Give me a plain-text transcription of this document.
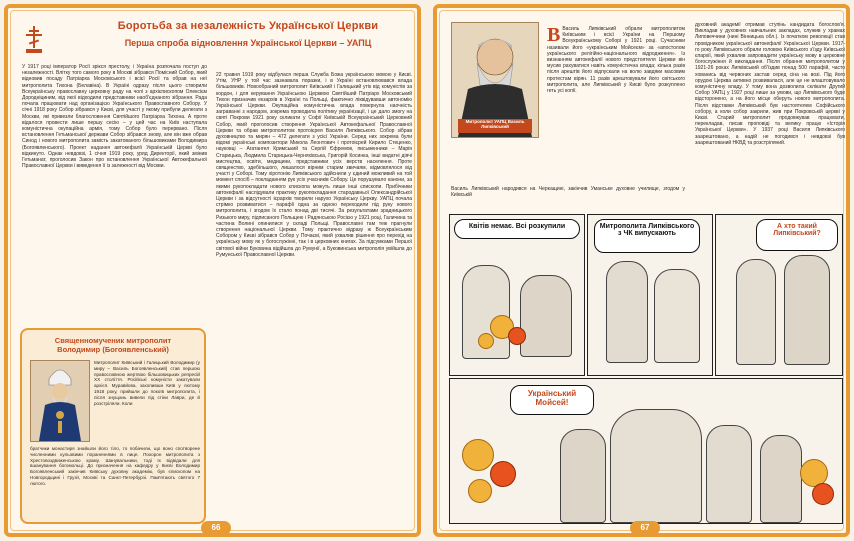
Боротьба за незалежність Української Церкви
Перша спроба відновлення Української Церкви – УАПЦ
У 1917 році імператор Росії зрікся престолу, і Україна розпочала поступ до незалежності. Влітку того самого року в Москві зібрався Помісний Собор, який відновив посаду Патріарха Московського і всієї Росії та обрав на неї митрополита Тихона (Белавіна). В Україні одразу після цього створили Всеукраїнську православну церковну раду на чолі з архієпископом Олексієм Дородніциним, від якої відходили представники наоб'єднаного зібрання. Рада почала працювати над організацією Українського Православного Собору. У січні 1918 року Собор зібрався у Києві, для участі у якому прибули делегати з Москви, які привезли благословення Святійшого Патріарха Тихона. А проте відалося провести лише першу сесію – у цей час на Київ наступала комуністична окупаційна армія, тому Собор було перервано. Після встановлення Гетьманської держави Собор зібрався знову, але він вже обрав Синод і нового митрополита замість закатованого більшовиками Володимира (Богоявленського). Проект надання автокефалії Українській Церкві було відкинуто. Однак невдовзі, 1 січня 1919 року, уряд Директорії, який змінив Гетьманат, проголосив Закон про встановлення Української Автокефальної Православної Церкви і виведення її із залежності від Москви.
22 травня 1919 року відбулася перша Служба Божа українською мовою у Києві. Утім, УНР у той час зазнавала поразки, і в Україні встановлювався влада більшовиків. Новообраний митрополит Київський і Галицький утік від комуністів за кордон, і для керування Українською Церквою Святійший Патріарх Московський Тихон призначив екзархів в Україні та Польщі, фактично ліквідувавши автономію Української Церкви. Окупаційна комуністична влада повернула наочність заграванні з народом, зокрема проводила політику українізації, і це дало змогу на святі Покрови 1921 року скликати у Софії Київській Всеукраїнський Церковний Собор, який проголосив створення Української Автокефальної Православної Церкви та обрав митрополитом протоієрея Василя Липківського. Собор зібрав духовництво та мирян – 472 делегати з усієї України. Серед них зокрема були відомі українські композитори Микола Леонтович і протоієрей Кирило Стеценко, науковці – Агатангел Кримський та Сергій Єфремов, письменники – Марія Старицька, Людмила Старицька-Черняхівська, Григорій Косинка, інші видатні діячі мистецтва, освіти, медицини, представники усіх верств населення. Проте священство, здебільшого, лишалося вірним старим звичаям, відмовлялося від участі у Соборі. Тому хіротонію Липківського здійснили у єдиний можливий на той момент спосіб – покладанням рук усіх учасників Собору. Це порушувало канони, за якими рукопокладати нового єпископа можуть лише інші єпископи. Прибічники автокефалії наслідували практику рукопокладання стародавньої Олександрійської Церкви і за відсутності ієрархів творили нарухо Українську Церкву. УАПЦ почала стрімко розвиватися – парафії одна за одною переходили під руку нового митрополита, і згодом їх стало понад дві тисячі. За результатами зрадницького Ризького миру, підписаного Польщею і Радянською Росією у 1921 році, Галичина та частина Волині опинилися у складі Польщі. Православні там теж прагнули створення національної Церкви. Тому практично відразу ж Всеукраїнським Собором у Києві зібрався Собор у Почаєві, який ухвалив рішення про перехід на українську мову як у богослужінні, так і в церковних книгах. За підсумками Першої світової війни Буковина відійшла до Румунії, а Буковинська митрополія увійшла до Румунської Православної Церкви.
Священномученик митрополит Володимир (Богоявленський)
Митрополит Київський і Галицький Володимир (у миру – Василь Богоявленський) став першою православною жертвою більшовицьких репресій XX століття. Російські комуністи закатували архієп. Муравйова, захопивши Київ у лютому 1918 року, прийшли до покоїв митрополита, і після знущань вивели під стіни Лаври, де й розстріляли. Коли
братчики монастиря знайшли його тіло, то побачили, що воно спотворене численними кульовими пораненнями в лице. Похорон митрополита з Хрестовоздвиженською храму. Шанувальники, тоді їх відвідали для вшанування богомольці. До призначення на кафедру у Києві Володимир Богоявленський закінчив Київську духовну академію, був єпископом на Новгородщині і Грузії, Москві та Санкт-Петербурзі. Пам'ятають святого 7 лютого.
66
Митрополит УАПЦ Василь Липківський
В Василь Липківський обрали митрополитом Київським і всієї України на Першому Всеукраїнському Соборі у 1921 році. Сучасники називали його «українським Мойсеєм» за «апостолом українського релігійно-національного відродження». Із визнанням автокефалії нового предстоятеля Церкви він мусив рахуватися навіть комуністична влада; кілька разів після арештів його відпускали на волю завдяки масовим протестам вірян. 11 разів арештовували його світського митрополита, але Липківський у Києві було розкуплено геть усі копії.
духовний академії отримав ступінь кандидата богослов'я. Викладав у духовних навчальних закладах, служив у храмах Липовеччини (нині Вінницька обл.). Із початком революції став провідником української автокефалії Української Церкви. 1917-го року Липківського обрали головою Київського з'їзду Київської єпархії, який ухвалив запровадити українську мову в церковне богослужіння й викладання. Після обрання митрополитом у 1921-26 роках Липківський об'їздив понад 500 парафій, часто хованись від червоних застав серед сіна на возі. Під його орудою Церква активно розвивалася, але це не влаштовувало комуністичну владу. У тому вона дозволила склікати Другий Собор УАПЦ у 1927 році лише за умови, що Липківського буде відсторонено, а на його місце оберуть нового митрополита. Після відставки Липківський був настоятелем Софійського собору, а коли собор закрили, жив при Покровській церкві у Києві. Старий митрополит продовжував працювати, перекладав, писав проповіді та велику працю «Історія Української Церкви». У 1937 році Василя Липківського заарештовано, а надій не погодився і невдовзі був заарештований НКВД та розстріляний.
Василь Липківський народився на Черкащині, закінчив Уманське духовне училище, згодом у Київській
Квітів немає. Всі розкупили	Митрополита Липківського з ЧК випускають
А хто такий Липківський?
Український Мойсей!
67
